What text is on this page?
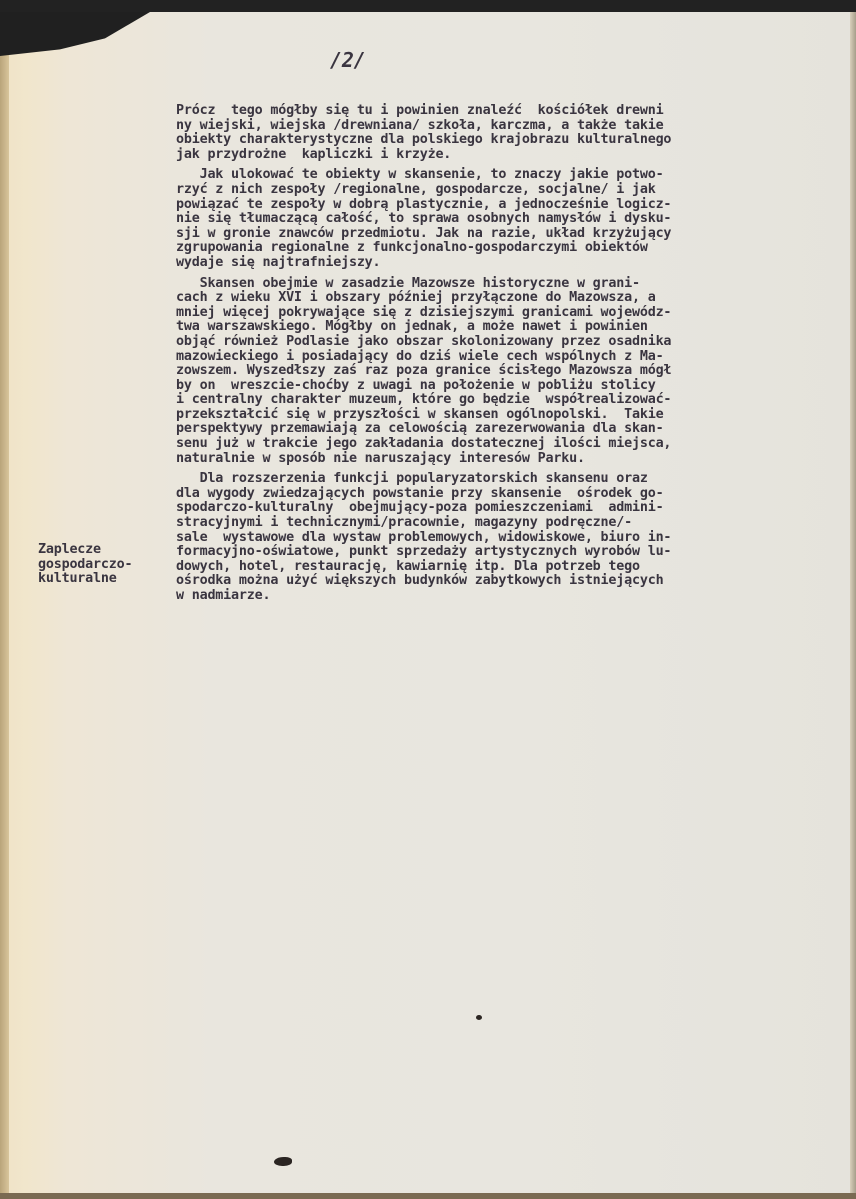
/2/
Zaplecze
gospodarczo-
kulturalne

Prócz  tego mógłby się tu i powinien znaleźć  kościółek drewni
ny wiejski, wiejska /drewniana/ szkoła, karczma, a także takie
obiekty charakterystyczne dla polskiego krajobrazu kulturalnego
jak przydrożne  kapliczki i krzyże.

Jak ulokować te obiekty w skansenie, to znaczy jakie potwo-
rzyć z nich zespoły /regionalne, gospodarcze, socjalne/ i jak
powiązać te zespoły w dobrą plastycznie, a jednocześnie logicz-
nie się tłumaczącą całość, to sprawa osobnych namysłów i dysku-
sji w gronie znawców przedmiotu. Jak na razie, układ krzyżujący
zgrupowania regionalne z funkcjonalno-gospodarczymi obiektów
wydaje się najtrafniejszy.

Skansen obejmie w zasadzie Mazowsze historyczne w grani-
cach z wieku XVI i obszary później przyłączone do Mazowsza, a
mniej więcej pokrywające się z dzisiejszymi granicami wojewódz-
twa warszawskiego. Mógłby on jednak, a może nawet i powinien
objąć również Podlasie jako obszar skolonizowany przez osadnika
mazowieckiego i posiadający do dziś wiele cech wspólnych z Ma-
zowszem. Wyszedłszy zaś raz poza granice ścisłego Mazowsza mógł
by on  wreszcie-choćby z uwagi na położenie w pobliżu stolicy
i centralny charakter muzeum, które go będzie  współrealizować-
przekształcić się w przyszłości w skansen ogólnopolski.  Takie
perspektywy przemawiają za celowością zarezerwowania dla skan-
senu już w trakcie jego zakładania dostatecznej ilości miejsca,
naturalnie w sposób nie naruszający interesów Parku.

Dla rozszerzenia funkcji popularyzatorskich skansenu oraz
dla wygody zwiedzających powstanie przy skansenie  ośrodek go-
spodarczo-kulturalny  obejmujący-poza pomieszczeniami  admini-
stracyjnymi i technicznymi/pracownie, magazyny podręczne/-
sale  wystawowe dla wystaw problemowych, widowiskowe, biuro in-
formacyjno-oświatowe, punkt sprzedaży artystycznych wyrobów lu-
dowych, hotel, restaurację, kawiarnię itp. Dla potrzeb tego
ośrodka można użyć większych budynków zabytkowych istniejących
w nadmiarze.
